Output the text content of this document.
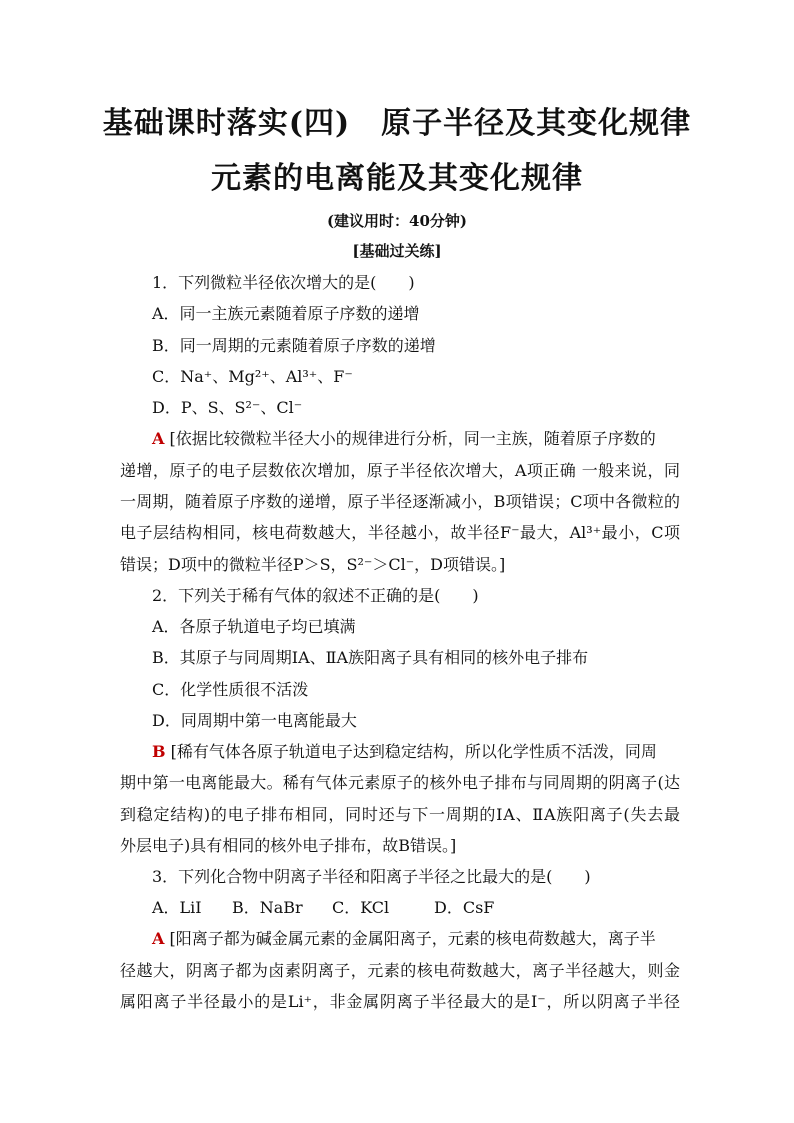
基础课时落实(四)　原子半径及其变化规律
元素的电离能及其变化规律
(建议用时：40分钟)
[基础过关练]
1．下列微粒半径依次增大的是(　　)
A．同一主族元素随着原子序数的递增
B．同一周期的元素随着原子序数的递增
C．Na⁺、Mg²⁺、Al³⁺、F⁻
D．P、S、S²⁻、Cl⁻
A [依据比较微粒半径大小的规律进行分析，同一主族，随着原子序数的
递增，原子的电子层数依次增加，原子半径依次增大，A项正确 一般来说，同
一周期，随着原子序数的递增，原子半径逐渐减小，B项错误；C项中各微粒的
电子层结构相同，核电荷数越大，半径越小，故半径F⁻最大，Al³⁺最小，C项
错误；D项中的微粒半径P＞S，S²⁻＞Cl⁻，D项错误。]
2．下列关于稀有气体的叙述不正确的是(　　)
A．各原子轨道电子均已填满
B．其原子与同周期ⅠA、ⅡA族阳离子具有相同的核外电子排布
C．化学性质很不活泼
D．同周期中第一电离能最大
B [稀有气体各原子轨道电子达到稳定结构，所以化学性质不活泼，同周
期中第一电离能最大。稀有气体元素原子的核外电子排布与同周期的阴离子(达
到稳定结构)的电子排布相同，同时还与下一周期的ⅠA、ⅡA族阳离子(失去最
外层电子)具有相同的核外电子排布，故B错误。]
3．下列化合物中阴离子半径和阳离子半径之比最大的是(　　)
A．LiI B．NaBr C．KCl	D．CsF
A [阳离子都为碱金属元素的金属阳离子，元素的核电荷数越大，离子半
径越大，阴离子都为卤素阴离子，元素的核电荷数越大，离子半径越大，则金
属阳离子半径最小的是Li⁺，非金属阴离子半径最大的是I⁻，所以阴离子半径
